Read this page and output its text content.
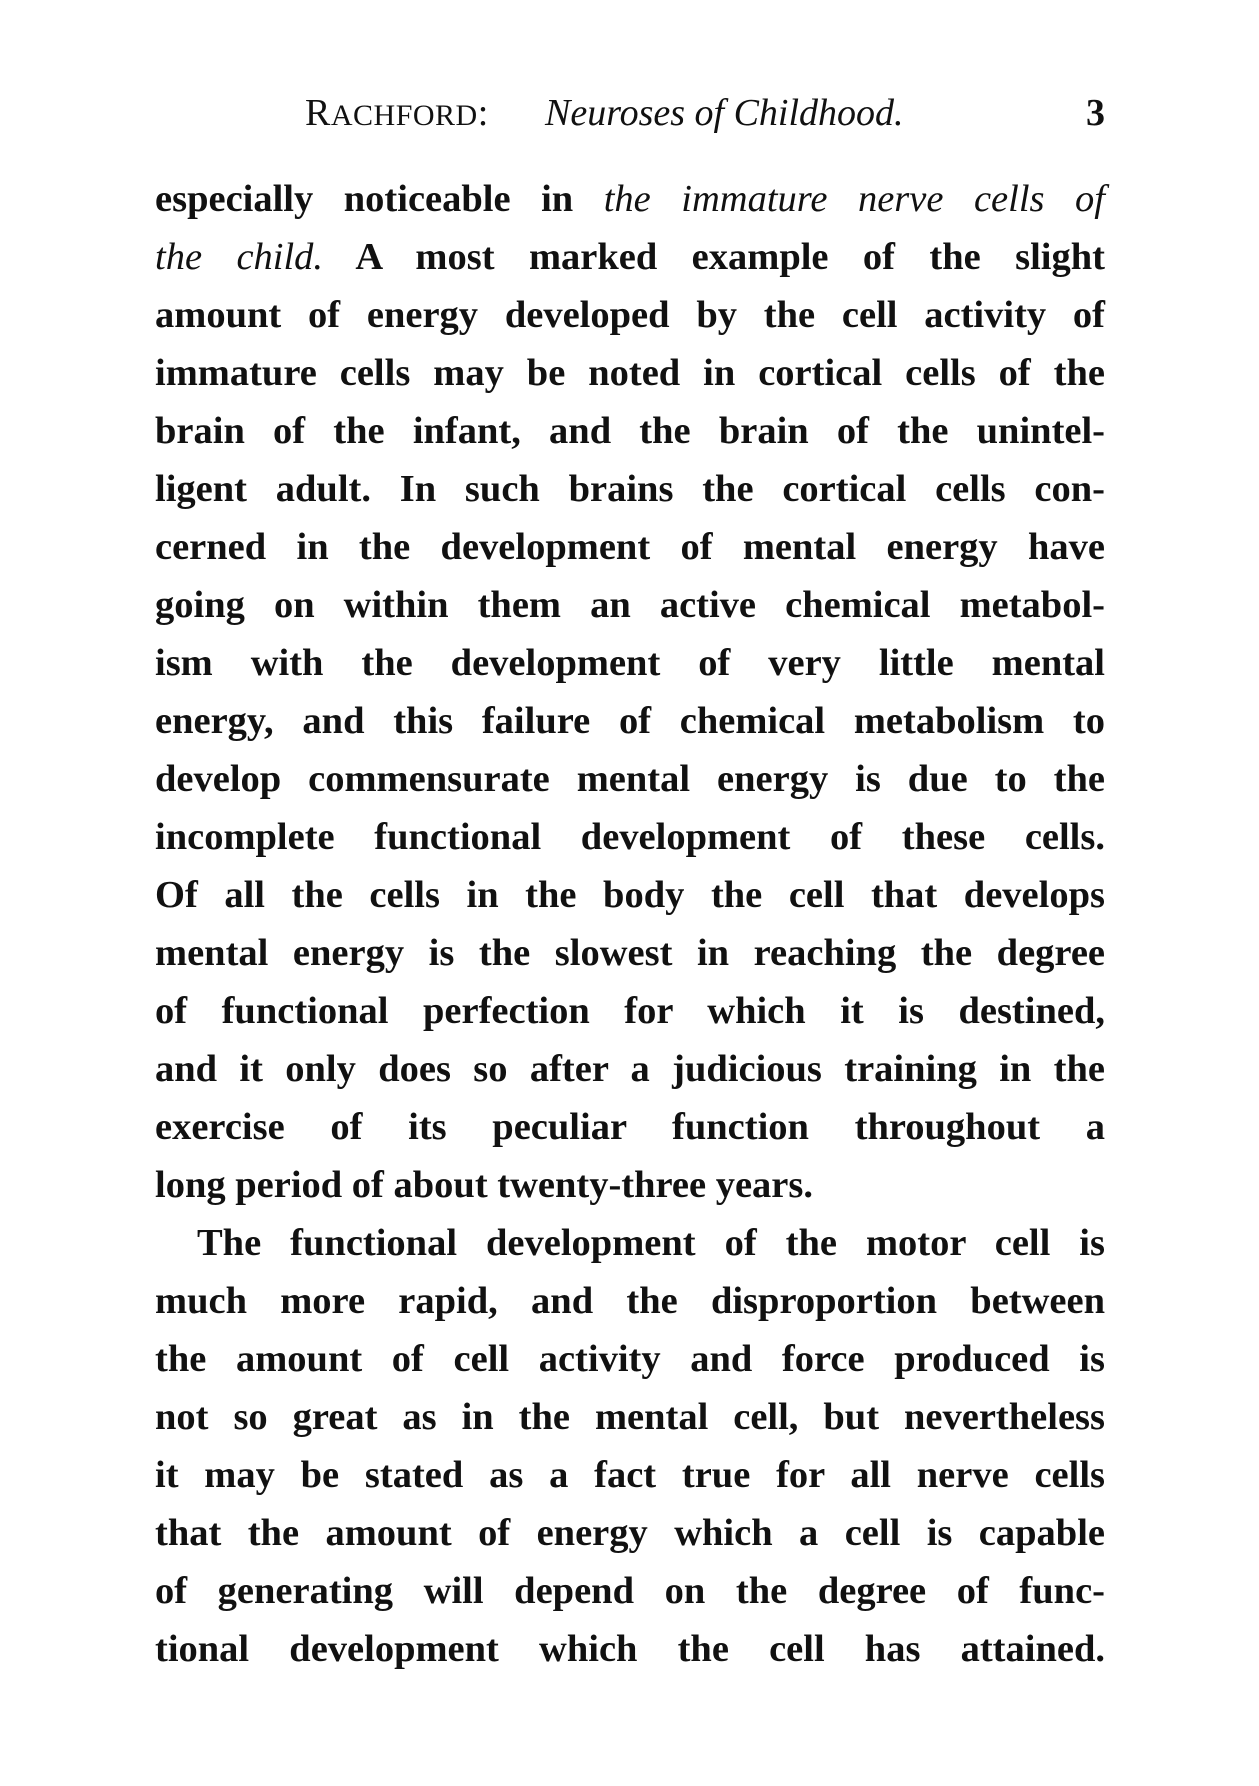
RACHFORD: Neuroses of Childhood.	3
especially noticeable in the immature nerve cells of
the child. A most marked example of the slight
amount of energy developed by the cell activity of
immature cells may be noted in cortical cells of the
brain of the infant, and the brain of the unintel-
ligent adult. In such brains the cortical cells con-
cerned in the development of mental energy have
going on within them an active chemical metabol-
ism with the development of very little mental
energy, and this failure of chemical metabolism to
develop commensurate mental energy is due to the
incomplete functional development of these cells.
Of all the cells in the body the cell that develops
mental energy is the slowest in reaching the degree
of functional perfection for which it is destined,
and it only does so after a judicious training in the
exercise of its peculiar function throughout a
long period of about twenty-three years.
The functional development of the motor cell is
much more rapid, and the disproportion between
the amount of cell activity and force produced is
not so great as in the mental cell, but nevertheless
it may be stated as a fact true for all nerve cells
that the amount of energy which a cell is capable
of generating will depend on the degree of func-
tional development which the cell has attained.
